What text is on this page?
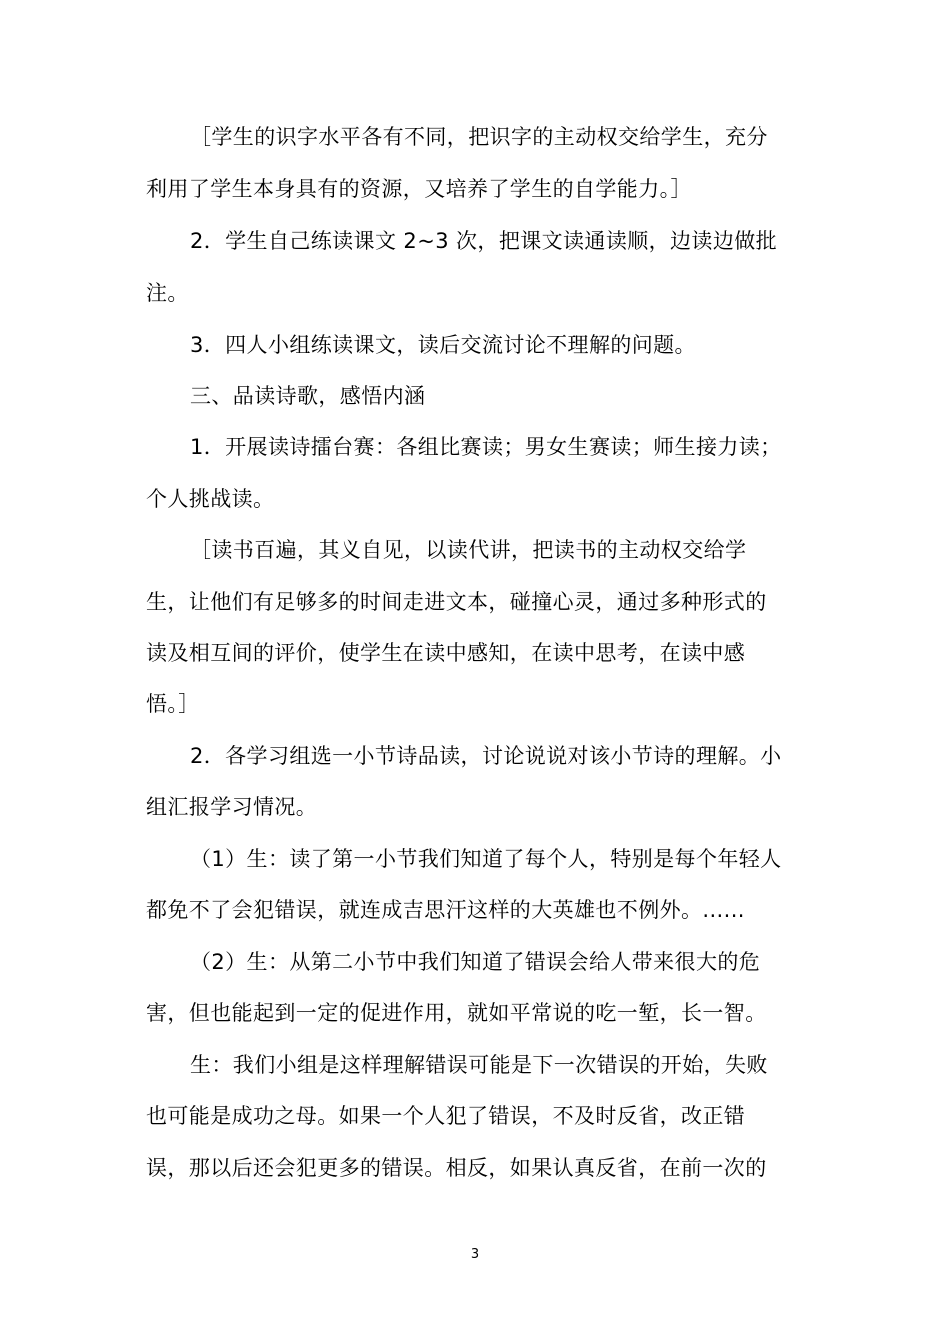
［学生的识字水平各有不同，把识字的主动权交给学生，充分
利用了学生本身具有的资源，又培养了学生的自学能力。］
2．学生自己练读课文 2~3 次，把课文读通读顺，边读边做批
注。
3．四人小组练读课文，读后交流讨论不理解的问题。
三、品读诗歌，感悟内涵
1．开展读诗擂台赛：各组比赛读；男女生赛读；师生接力读；
个人挑战读。
［读书百遍，其义自见，以读代讲，把读书的主动权交给学
生，让他们有足够多的时间走进文本，碰撞心灵，通过多种形式的
读及相互间的评价，使学生在读中感知，在读中思考，在读中感
悟。］
2．各学习组选一小节诗品读，讨论说说对该小节诗的理解。小
组汇报学习情况。
（1）生：读了第一小节我们知道了每个人，特别是每个年轻人
都免不了会犯错误，就连成吉思汗这样的大英雄也不例外。......
（2）生：从第二小节中我们知道了错误会给人带来很大的危
害，但也能起到一定的促进作用，就如平常说的吃一堑，长一智。
生：我们小组是这样理解错误可能是下一次错误的开始，失败
也可能是成功之母。如果一个人犯了错误，不及时反省，改正错
误，那以后还会犯更多的错误。相反，如果认真反省，在前一次的
3
